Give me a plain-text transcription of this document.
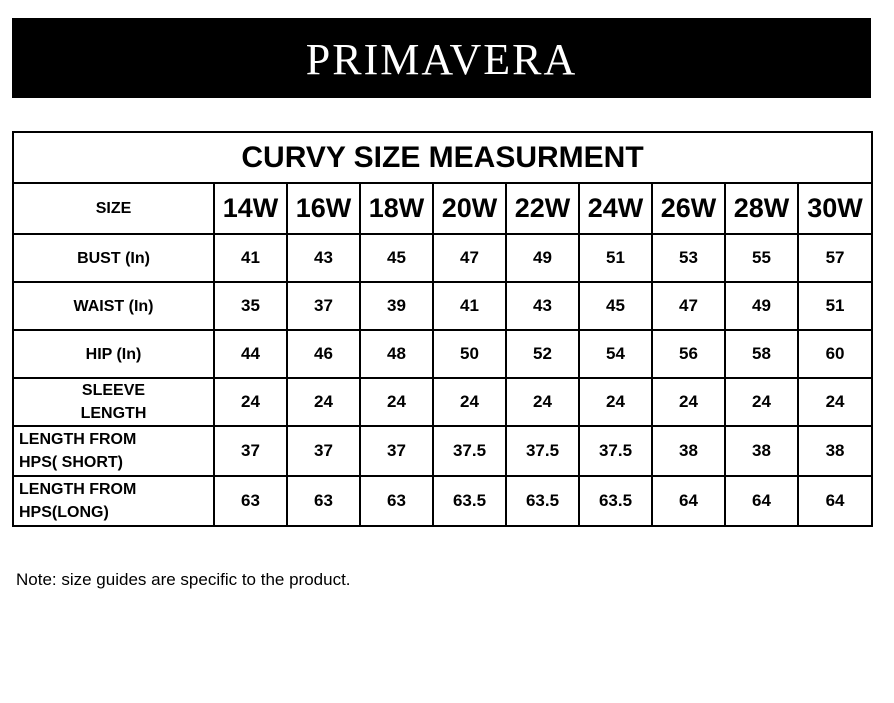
PRIMAVERA
CURVY SIZE MEASURMENT									
SIZE	14W	16W	18W	20W	22W	24W	26W	28W	30W

BUST (In)	41	43	45	47	49	51	53	55	57

WAIST (In)	35	37	39	41	43	45	47	49	51

HIP (In)	44	46	48	50	52	54	56	58	60

SLEEVE
LENGTH	24	24	24	24	24	24	24	24	24

LENGTH FROM
HPS( SHORT)	37	37	37	37.5	37.5	37.5	38	38	38

LENGTH FROM
HPS(LONG)	63	63	63	63.5	63.5	63.5	64	64	64
Note: size guides are specific to the product.
